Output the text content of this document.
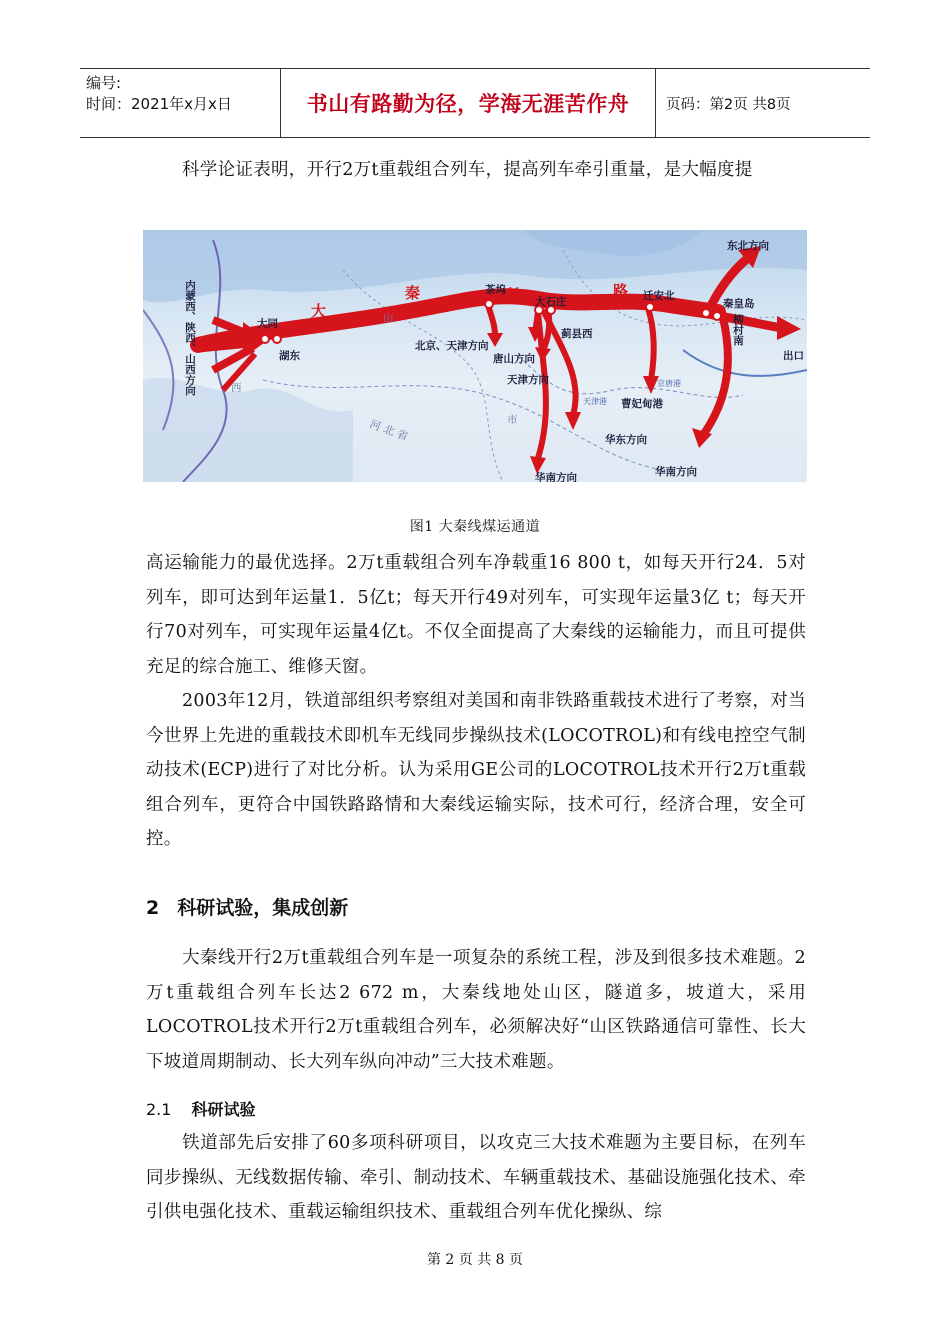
编号:
时间：2021年x月x日	书山有路勤为径，学海无涯苦作舟	页码：第2页 共8页

科学论证表明，开行2万t重载组合列车，提高列车牵引重量，是大幅度提

内蒙西、陕西、山西方向	大同
湖东
大
秦	铁	路
茶坞
大石庄
蓟县西
迁安北
秦皇岛
柳村南
东北方向
出口
北京、天津方向
唐山方向
天津方向
曹妃甸港
华东方向
华南方向	华南方向
河 北 省
山
西
市
京唐港
天津港
图1 大秦线煤运通道

高运输能力的最优选择。2万t重载组合列车净载重16 800 t，如每天开行24．5对列车，即可达到年运量1．5亿t；每天开行49对列车，可实现年运量3亿 t；每天开行70对列车，可实现年运量4亿t。不仅全面提高了大秦线的运输能力，而且可提供充足的综合施工、维修天窗。

2003年12月，铁道部组织考察组对美国和南非铁路重载技术进行了考察，对当今世界上先进的重载技术即机车无线同步操纵技术(LOCOTROL)和有线电控空气制动技术(ECP)进行了对比分析。认为采用GE公司的LOCOTROL技术开行2万t重载组合列车，更符合中国铁路路情和大秦线运输实际，技术可行，经济合理，安全可控。

2 科研试验，集成创新

大秦线开行2万t重载组合列车是一项复杂的系统工程，涉及到很多技术难题。2万t重载组合列车长达2 672 m，大秦线地处山区，隧道多，坡道大，采用 LOCOTROL技术开行2万t重载组合列车，必须解决好“山区铁路通信可靠性、长大下坡道周期制动、长大列车纵向冲动”三大技术难题。

2.1 科研试验

铁道部先后安排了60多项科研项目，以攻克三大技术难题为主要目标，在列车同步操纵、无线数据传输、牵引、制动技术、车辆重载技术、基础设施强化技术、牵引供电强化技术、重载运输组织技术、重载组合列车优化操纵、综

第 2 页 共 8 页
